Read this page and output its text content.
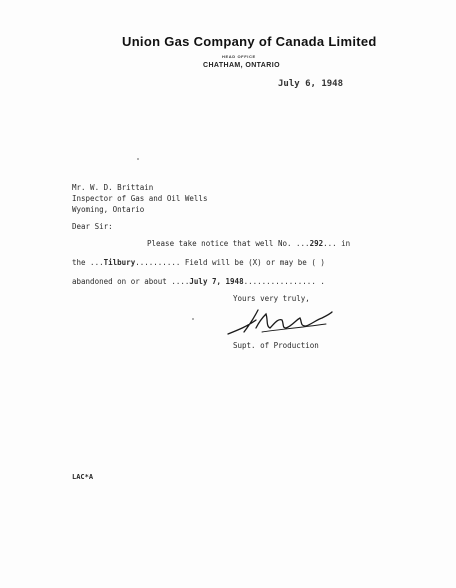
Union Gas Company of Canada Limited
HEAD OFFICE
CHATHAM, ONTARIO
July 6, 1948
Mr. W. D. Brittain
Inspector of Gas and Oil Wells
Wyoming, Ontario
Dear Sir:
Please take notice that well No. ...292... in
the ...Tilbury.......... Field will be (X) or may be ( )
abandoned on or about ....July 7, 1948................ .
Yours very truly,
Supt. of Production
LAC*A
